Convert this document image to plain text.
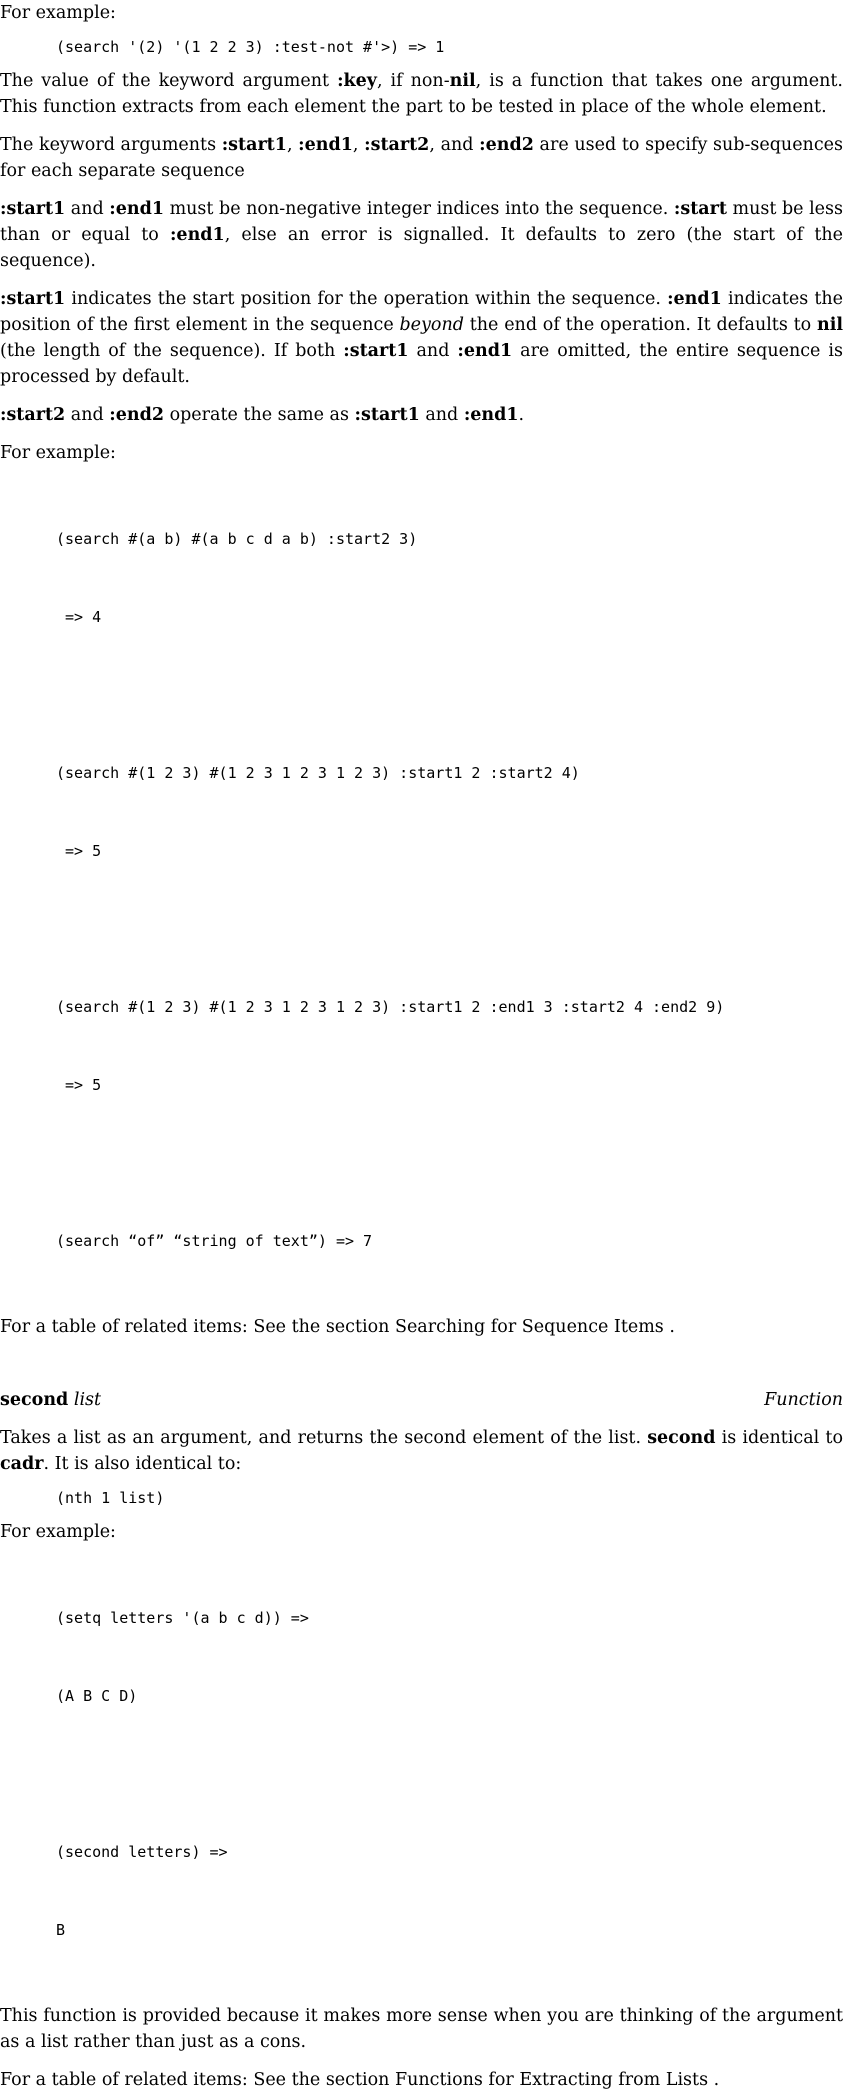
For example:

(search '(2) '(1 2 2 3) :test-not #'>) => 1

The value of the keyword argument :key, if non-nil, is a function that takes one argument. This function extracts from each element the part to be tested in place of the whole element.

The keyword arguments :start1, :end1, :start2, and :end2 are used to specify sub-sequences for each separate sequence

:start1 and :end1 must be non-negative integer indices into the sequence. :start must be less than or equal to :end1, else an error is signalled. It defaults to zero (the start of the sequence).

:start1 indicates the start position for the operation within the sequence. :end1 indicates the position of the first element in the sequence beyond the end of the operation. It defaults to nil (the length of the sequence). If both :start1 and :end1 are omitted, the entire sequence is processed by default.

:start2 and :end2 operate the same as :start1 and :end1.

For example:

(search #(a b) #(a b c d a b) :start2 3)

=> 4

(search #(1 2 3) #(1 2 3 1 2 3 1 2 3) :start1 2 :start2 4)

=> 5

(search #(1 2 3) #(1 2 3 1 2 3 1 2 3) :start1 2 :end1 3 :start2 4 :end2 9)

=> 5

(search “of” “string of text”) => 7

For a table of related items: See the section Searching for Sequence Items .

second list	Function

Takes a list as an argument, and returns the second element of the list. second is identical to cadr. It is also identical to:

(nth 1 list)

For example:

(setq letters '(a b c d)) =>

(A B C D)

(second letters) =>

B

This function is provided because it makes more sense when you are thinking of the argument as a list rather than just as a cons.

For a table of related items: See the section Functions for Extracting from Lists .
